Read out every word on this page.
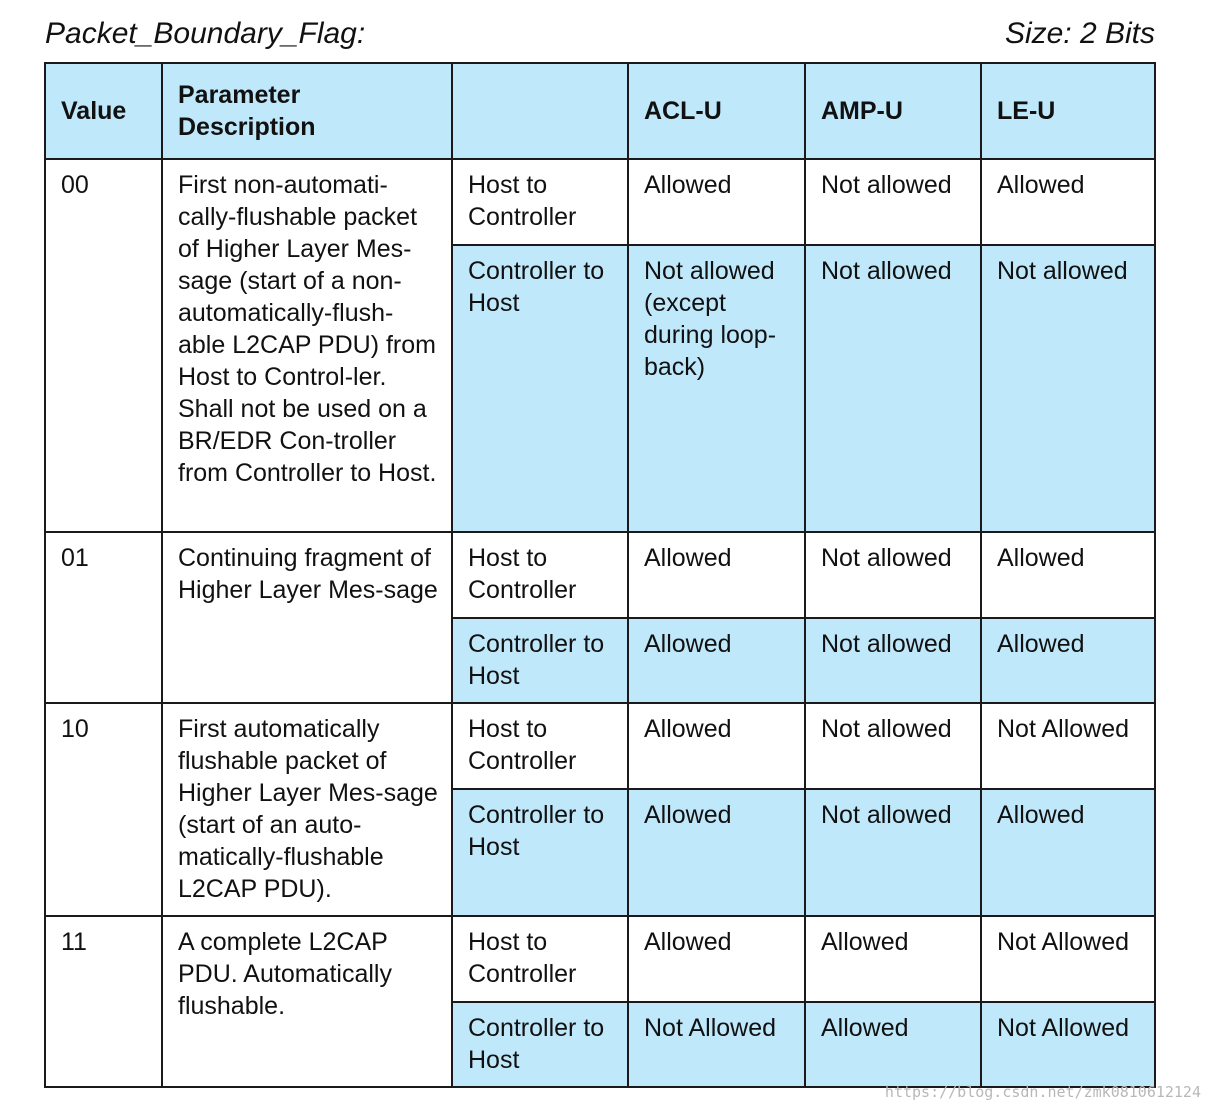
Packet_Boundary_Flag:	Size: 2 Bits
Value	Parameter Description		ACL-U	AMP-U	LE-U
00	First non-automati-cally-flushable packet of Higher Layer Mes-sage (start of a non-automatically-flush-able L2CAP PDU) from Host to Control-ler. Shall not be used on a BR/EDR Con-troller from Controller to Host.	Host to Controller	Allowed	Not allowed	Allowed
		Controller to Host	Not allowed (except during loop-back)	Not allowed	Not allowed
01	Continuing fragment of Higher Layer Mes-sage	Host to Controller	Allowed	Not allowed	Allowed
		Controller to Host	Allowed	Not allowed	Allowed
10	First automatically flushable packet of Higher Layer Mes-sage (start of an auto-matically-flushable L2CAP PDU).	Host to Controller	Allowed	Not allowed	Not Allowed
		Controller to Host	Allowed	Not allowed	Allowed
11	A complete L2CAP PDU. Automatically flushable.	Host to Controller	Allowed	Allowed	Not Allowed
		Controller to Host	Not Allowed	Allowed	Not Allowed
https://blog.csdn.net/zmk0810612124
